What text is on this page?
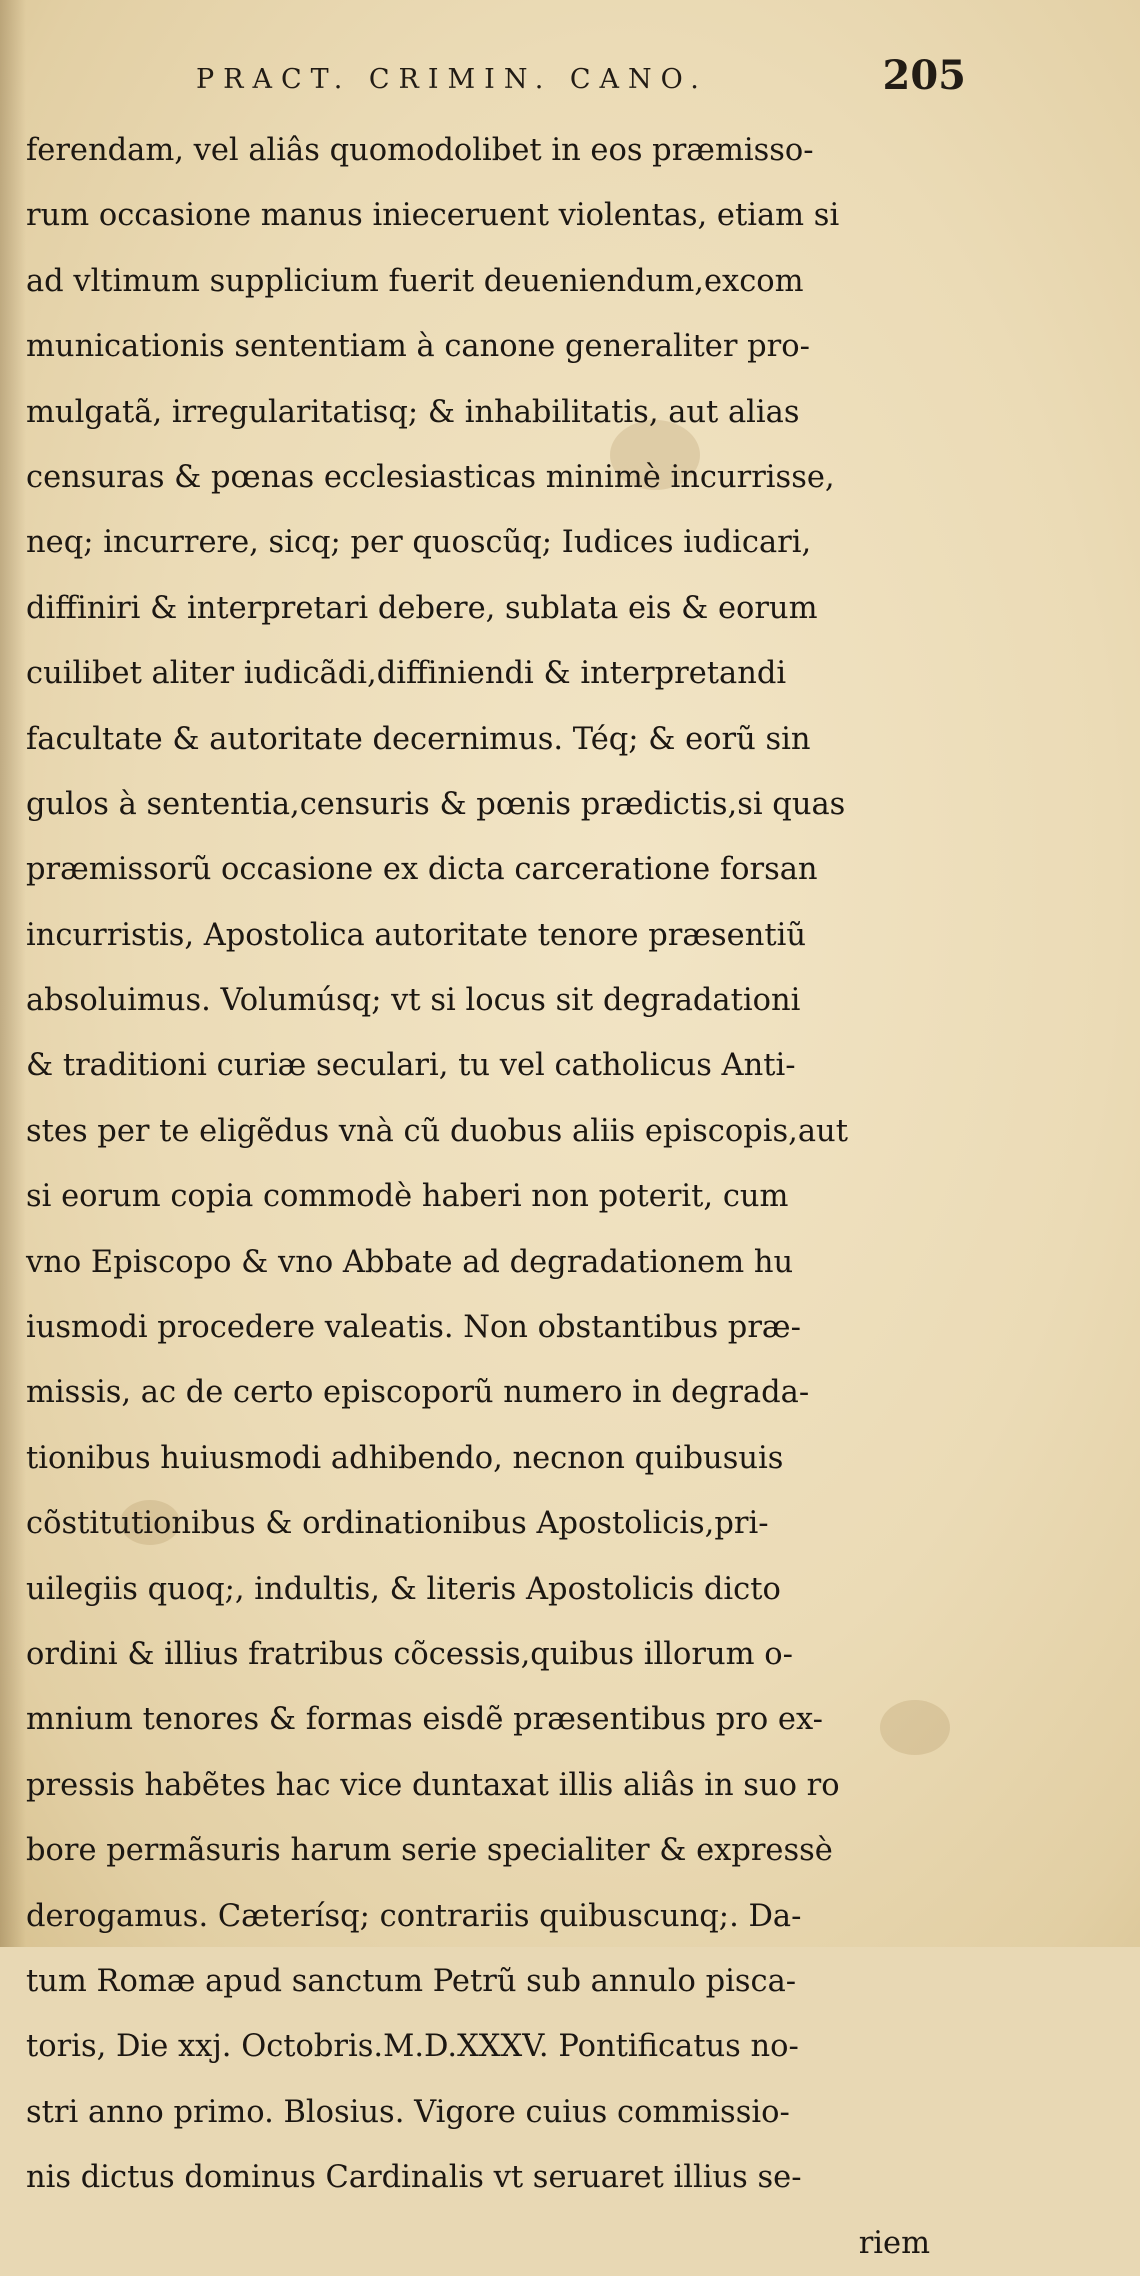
PRACT. CRIMIN. CANO.	205
ferendam, vel aliâs quomodolibet in eos præmisso-
rum occasione manus inieceruent violentas, etiam si
ad vltimum supplicium fuerit deueniendum,excom
municationis sententiam à canone generaliter pro-
mulgatã, irregularitatisq; & inhabilitatis, aut alias
censuras & pœnas ecclesiasticas minimè incurrisse,
neq; incurrere, sicq; per quoscũq; Iudices iudicari,
diffiniri & interpretari debere, sublata eis & eorum
cuilibet aliter iudicãdi,diffiniendi & interpretandi
facultate & autoritate decernimus. Téq; & eorũ sin
gulos à sententia,censuris & pœnis prædictis,si quas
præmissorũ occasione ex dicta carceratione forsan
incurristis, Apostolica autoritate tenore præsentiũ
absoluimus. Volumúsq; vt si locus sit degradationi
& traditioni curiæ seculari, tu vel catholicus Anti-
stes per te eligẽdus vnà cũ duobus aliis episcopis,aut
si eorum copia commodè haberi non poterit, cum
vno Episcopo & vno Abbate ad degradationem hu
iusmodi procedere valeatis. Non obstantibus præ-
missis, ac de certo episcoporũ numero in degrada-
tionibus huiusmodi adhibendo, necnon quibusuis
cõstitutionibus & ordinationibus Apostolicis,pri-
uilegiis quoq;, indultis, & literis Apostolicis dicto
ordini & illius fratribus cõcessis,quibus illorum o-
mnium tenores & formas eisdẽ præsentibus pro ex-
pressis habẽtes hac vice duntaxat illis aliâs in suo ro
bore permãsuris harum serie specialiter & expressè
derogamus. Cæterísq; contrariis quibuscunq;. Da-
tum Romæ apud sanctum Petrũ sub annulo pisca-
toris, Die xxj. Octobris.M.D.XXXV. Pontificatus no-
stri anno primo. Blosius. Vigore cuius commissio-
nis dictus dominus Cardinalis vt seruaret illius se-
riem
